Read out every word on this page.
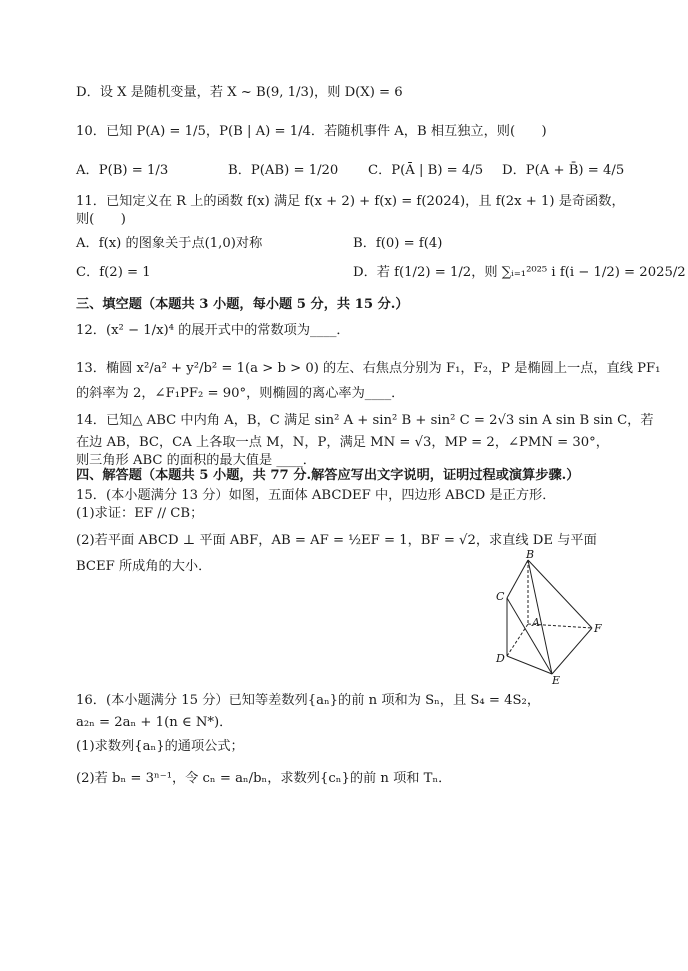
D．设 X 是随机变量，若 X ~ B(9, 1/3)，则 D(X) = 6
10．已知 P(A) = 1/5，P(B | A) = 1/4．若随机事件 A，B 相互独立，则(　　)
A．P(B) = 1/3	B．P(AB) = 1/20 C．P(Ā | B) = 4/5 D．P(A + B̄) = 4/5
11．已知定义在 R 上的函数 f(x) 满足 f(x + 2) + f(x) = f(2024)，且 f(2x + 1) 是奇函数，
则(　　)
A．f(x) 的图象关于点(1,0)对称	B．f(0) = f(4)
C．f(2) = 1	D．若 f(1/2) = 1/2，则 ∑ᵢ₌₁²⁰²⁵ i f(i − 1/2) = 2025/2
三、填空题（本题共 3 小题，每小题 5 分，共 15 分.）
12．(x² − 1/x)⁴ 的展开式中的常数项为____．
13．椭圆 x²/a² + y²/b² = 1(a > b > 0) 的左、右焦点分别为 F₁，F₂，P 是椭圆上一点，直线 PF₁
的斜率为 2，∠F₁PF₂ = 90°，则椭圆的离心率为____．
14．已知△ ABC 中内角 A，B，C 满足 sin² A + sin² B + sin² C = 2√3 sin A sin B sin C，若
在边 AB，BC，CA 上各取一点 M，N，P，满足 MN = √3，MP = 2，∠PMN = 30°，
则三角形 ABC 的面积的最大值是 ____．
四、解答题（本题共 5 小题，共 77 分.解答应写出文字说明，证明过程或演算步骤.）
15．(本小题满分 13 分）如图，五面体 ABCDEF 中，四边形 ABCD 是正方形．
(1)求证：EF // CB；
(2)若平面 ABCD ⊥ 平面 ABF，AB = AF = ½EF = 1，BF = √2，求直线 DE 与平面
BCEF 所成角的大小．
B
C
A	F
D
E
16．(本小题满分 15 分）已知等差数列{aₙ}的前 n 项和为 Sₙ，且 S₄ = 4S₂，
a₂ₙ = 2aₙ + 1(n ∈ N*)．
(1)求数列{aₙ}的通项公式；
(2)若 bₙ = 3ⁿ⁻¹，令 cₙ = aₙ/bₙ，求数列{cₙ}的前 n 项和 Tₙ．
